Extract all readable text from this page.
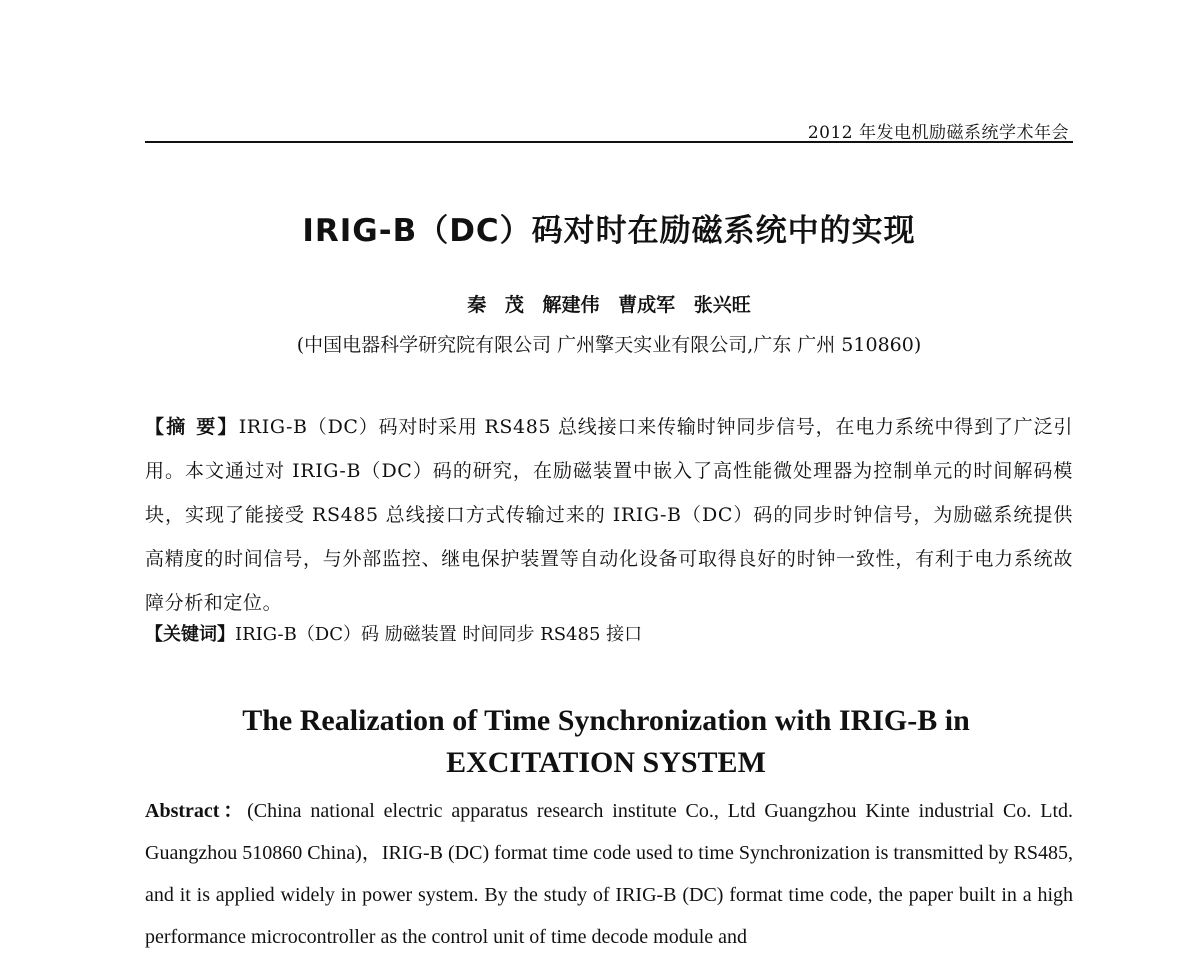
2012 年发电机励磁系统学术年会
IRIG-B（DC）码对时在励磁系统中的实现
秦 茂 解建伟 曹成军 张兴旺
(中国电器科学研究院有限公司 广州擎天实业有限公司,广东 广州 510860)
【摘 要】IRIG-B（DC）码对时采用 RS485 总线接口来传输时钟同步信号，在电力系统中得到了广泛引用。本文通过对 IRIG-B（DC）码的研究，在励磁装置中嵌入了高性能微处理器为控制单元的时间解码模块，实现了能接受 RS485 总线接口方式传输过来的 IRIG-B（DC）码的同步时钟信号，为励磁系统提供高精度的时间信号，与外部监控、继电保护装置等自动化设备可取得良好的时钟一致性，有利于电力系统故障分析和定位。
【关键词】IRIG-B（DC）码 励磁装置 时间同步 RS485 接口
The Realization of Time Synchronization with IRIG-B in
EXCITATION SYSTEM
Abstract：(China national electric apparatus research institute Co., Ltd Guangzhou Kinte industrial Co. Ltd. Guangzhou 510860 China)，IRIG-B (DC) format time code used to time Synchronization is transmitted by RS485, and it is applied widely in power system. By the study of IRIG-B (DC) format time code, the paper built in a high performance microcontroller as the control unit of time decode module and
